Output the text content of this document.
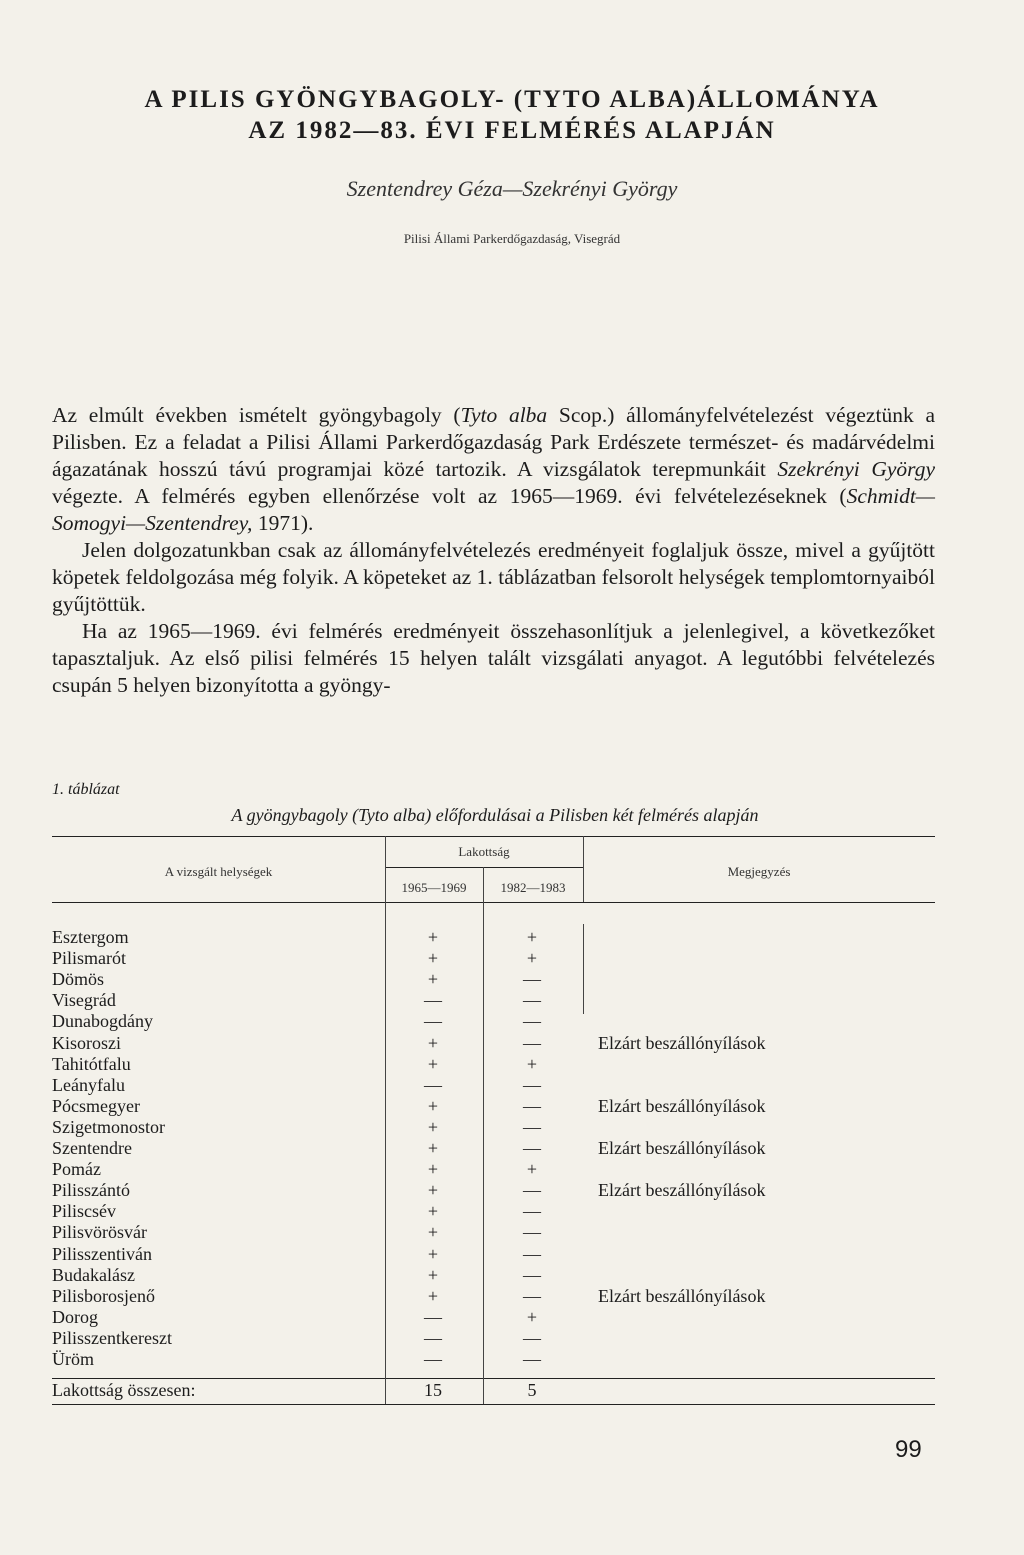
A PILIS GYÖNGYBAGOLY- (TYTO ALBA)ÁLLOMÁNYA
AZ 1982—83. ÉVI FELMÉRÉS ALAPJÁN
Szentendrey Géza—Szekrényi György
Pilisi Állami Parkerdőgazdaság, Visegrád

Az elmúlt években ismételt gyöngybagoly (Tyto alba Scop.) állományfelvételezést végeztünk a Pilisben. Ez a feladat a Pilisi Állami Parkerdőgazdaság Park Erdészete természet- és madárvédelmi ágazatának hosszú távú programjai közé tartozik. A vizsgálatok terepmunkáit Szekrényi György végezte. A felmérés egyben ellenőrzése volt az 1965—1969. évi felvételezéseknek (Schmidt—Somogyi—Szentendrey, 1971).

Jelen dolgozatunkban csak az állományfelvételezés eredményeit foglaljuk össze, mivel a gyűjtött köpetek feldolgozása még folyik. A köpeteket az 1. táblázatban felsorolt helységek templomtornyaiból gyűjtöttük.

Ha az 1965—1969. évi felmérés eredményeit összehasonlítjuk a jelenlegivel, a következőket tapasztaljuk. Az első pilisi felmérés 15 helyen talált vizsgálati anyagot. A legutóbbi felvételezés csupán 5 helyen bizonyította a gyöngy-

1. táblázat
A gyöngybagoly (Tyto alba) előfordulásai a Pilisben két felmérés alapján
A vizsgált helységek
Lakottság
1965—1969	1982—1983
Megjegyzés
Esztergom	+	+
Pilismarót	+	+
Dömös	+	—
Visegrád	—	—
Dunabogdány	—	—
Kisoroszi	+	—	Elzárt beszállónyílások
Tahitótfalu	+	+
Leányfalu	—	—
Pócsmegyer	+	—	Elzárt beszállónyílások
Szigetmonostor	+	—
Szentendre	+	—	Elzárt beszállónyílások
Pomáz	+	+
Pilisszántó	+	—	Elzárt beszállónyílások
Piliscsév	+	—
Pilisvörösvár	+	—
Pilisszentiván	+	—
Budakalász	+	—
Pilisborosjenő	+	—	Elzárt beszállónyílások
Dorog	—	+
Pilisszentkereszt	—	—
Üröm	—	—
Lakottság összesen:	15	5
99
